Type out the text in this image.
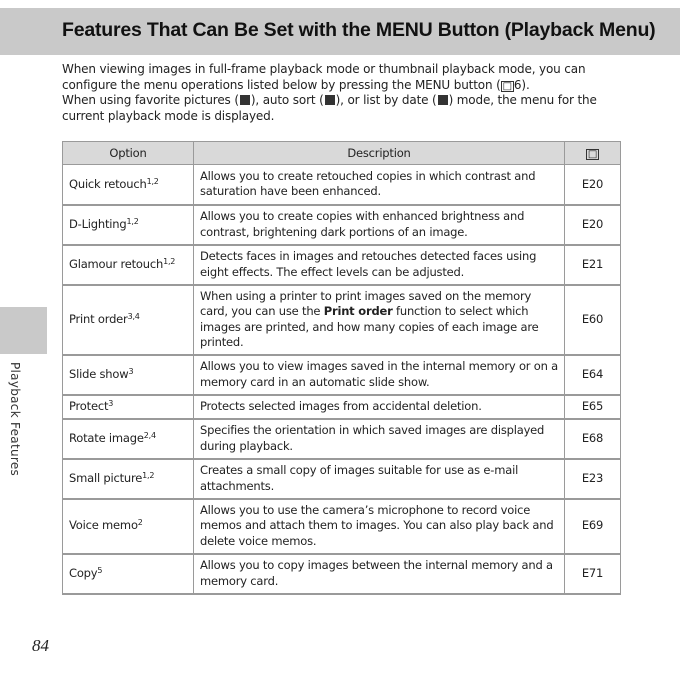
Features That Can Be Set with the MENU Button (Playback Menu)

When viewing images in full-frame playback mode or thumbnail playback mode, you can configure the menu operations listed below by pressing the MENU button ( □ 6).

When using favorite pictures ( ), auto sort ( ), or list by date ( ) mode, the menu for the current playback mode is displayed.

Option	Description	□
Quick retouch$^{1,2}$	Allows you to create retouched copies in which contrast and saturation have been enhanced.	E20
D-Lighting$^{1,2}$	Allows you to create copies with enhanced brightness and contrast, brightening dark portions of an image.	E20
Glamour retouch$^{1,2}$	Detects faces in images and retouches detected faces using eight effects. The effect levels can be adjusted.	E21
Print order$^{3,4}$	When using a printer to print images saved on the memory card, you can use the Print order function to select which images are printed, and how many copies of each image are printed.	E60
Slide show$^3$	Allows you to view images saved in the internal memory or on a memory card in an automatic slide show.	E64
Protect$^3$	Protects selected images from accidental deletion.	E65
Rotate image$^{2,4}$	Specifies the orientation in which saved images are displayed during playback.	E68
Small picture$^{1,2}$	Creates a small copy of images suitable for use as e-mail attachments.	E23
Voice memo$^2$	Allows you to use the camera’s microphone to record voice memos and attach them to images. You can also play back and delete voice memos.	E69
Copy$^5$	Allows you to copy images between the internal memory and a memory card.	E71
Playback Features
84
